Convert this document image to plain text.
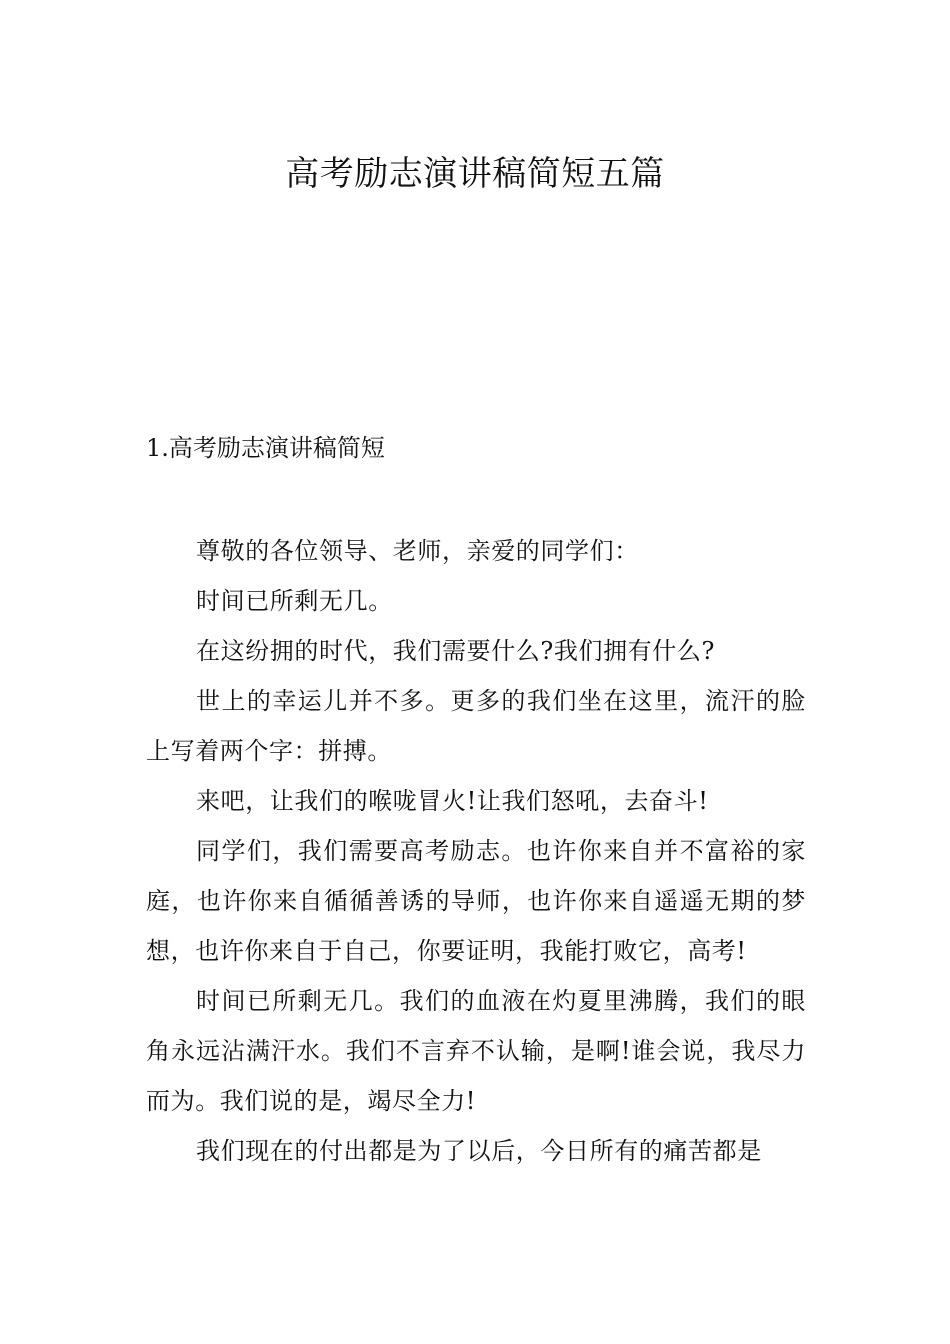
高考励志演讲稿简短五篇
1.高考励志演讲稿简短

尊敬的各位领导、老师，亲爱的同学们：

时间已所剩无几。

在这纷拥的时代，我们需要什么?我们拥有什么?

世上的幸运儿并不多。更多的我们坐在这里，流汗的脸上写着两个字：拼搏。

来吧，让我们的喉咙冒火!让我们怒吼，去奋斗!

同学们，我们需要高考励志。也许你来自并不富裕的家庭，也许你来自循循善诱的导师，也许你来自遥遥无期的梦想，也许你来自于自己，你要证明，我能打败它，高考!

时间已所剩无几。我们的血液在灼夏里沸腾，我们的眼角永远沾满汗水。我们不言弃不认输，是啊!谁会说，我尽力而为。我们说的是，竭尽全力!

我们现在的付出都是为了以后，今日所有的痛苦都是
